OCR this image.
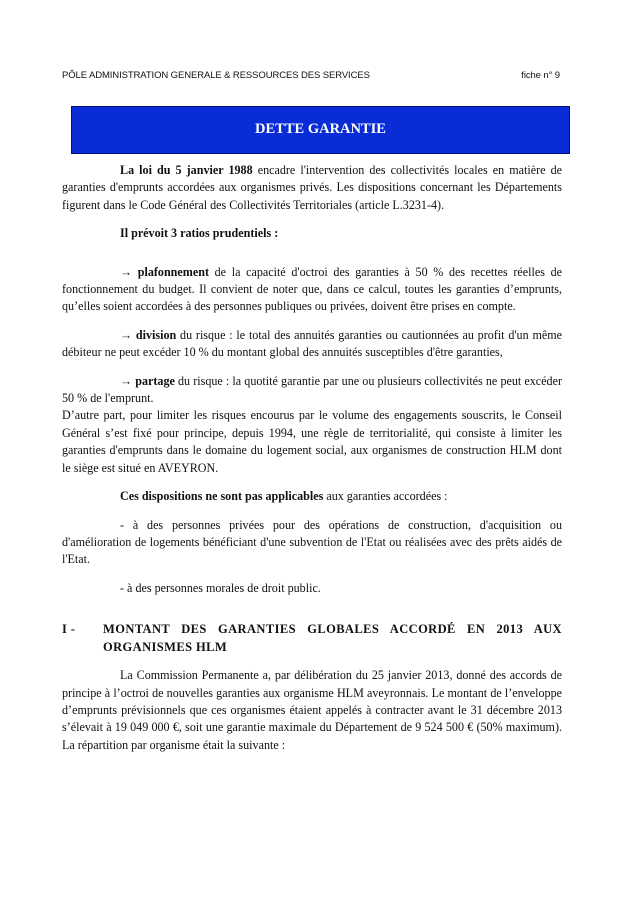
PÔLE ADMINISTRATION GENERALE & RESSOURCES DES SERVICES	fiche n° 9
DETTE GARANTIE

La loi du 5 janvier 1988 encadre l'intervention des collectivités locales en matière de garanties d'emprunts accordées aux organismes privés. Les dispositions concernant les Départements figurent dans le Code Général des Collectivités Territoriales (article L.3231-4).

Il prévoit 3 ratios prudentiels :

→ plafonnement de la capacité d'octroi des garanties à 50 % des recettes réelles de fonctionnement du budget. Il convient de noter que, dans ce calcul, toutes les garanties d’emprunts, qu’elles soient accordées à des personnes publiques ou privées, doivent être prises en compte.

→ division du risque : le total des annuités garanties ou cautionnées au profit d'un même débiteur ne peut excéder 10 % du montant global des annuités susceptibles d'être garanties,

→ partage du risque : la quotité garantie par une ou plusieurs collectivités ne peut excéder 50 % de l'emprunt.

D’autre part, pour limiter les risques encourus par le volume des engagements souscrits, le Conseil Général s’est fixé pour principe, depuis 1994, une règle de territorialité, qui consiste à limiter les garanties d'emprunts dans le domaine du logement social, aux organismes de construction HLM dont le siège est situé en AVEYRON.

Ces dispositions ne sont pas applicables aux garanties accordées :

- à des personnes privées pour des opérations de construction, d'acquisition ou d'amélioration de logements bénéficiant d'une subvention de l'Etat ou réalisées avec des prêts aidés de l'Etat.

- à des personnes morales de droit public.

I - MONTANT DES GARANTIES GLOBALES ACCORDÉ EN 2013 AUX ORGANISMES HLM

La Commission Permanente a, par délibération du 25 janvier 2013, donné des accords de principe à l’octroi de nouvelles garanties aux organisme HLM aveyronnais. Le montant de l’enveloppe d’emprunts prévisionnels que ces organismes étaient appelés à contracter avant le 31 décembre 2013 s’élevait à 19 049 000 €, soit une garantie maximale du Département de 9 524 500 € (50% maximum). La répartition par organisme était la suivante :
